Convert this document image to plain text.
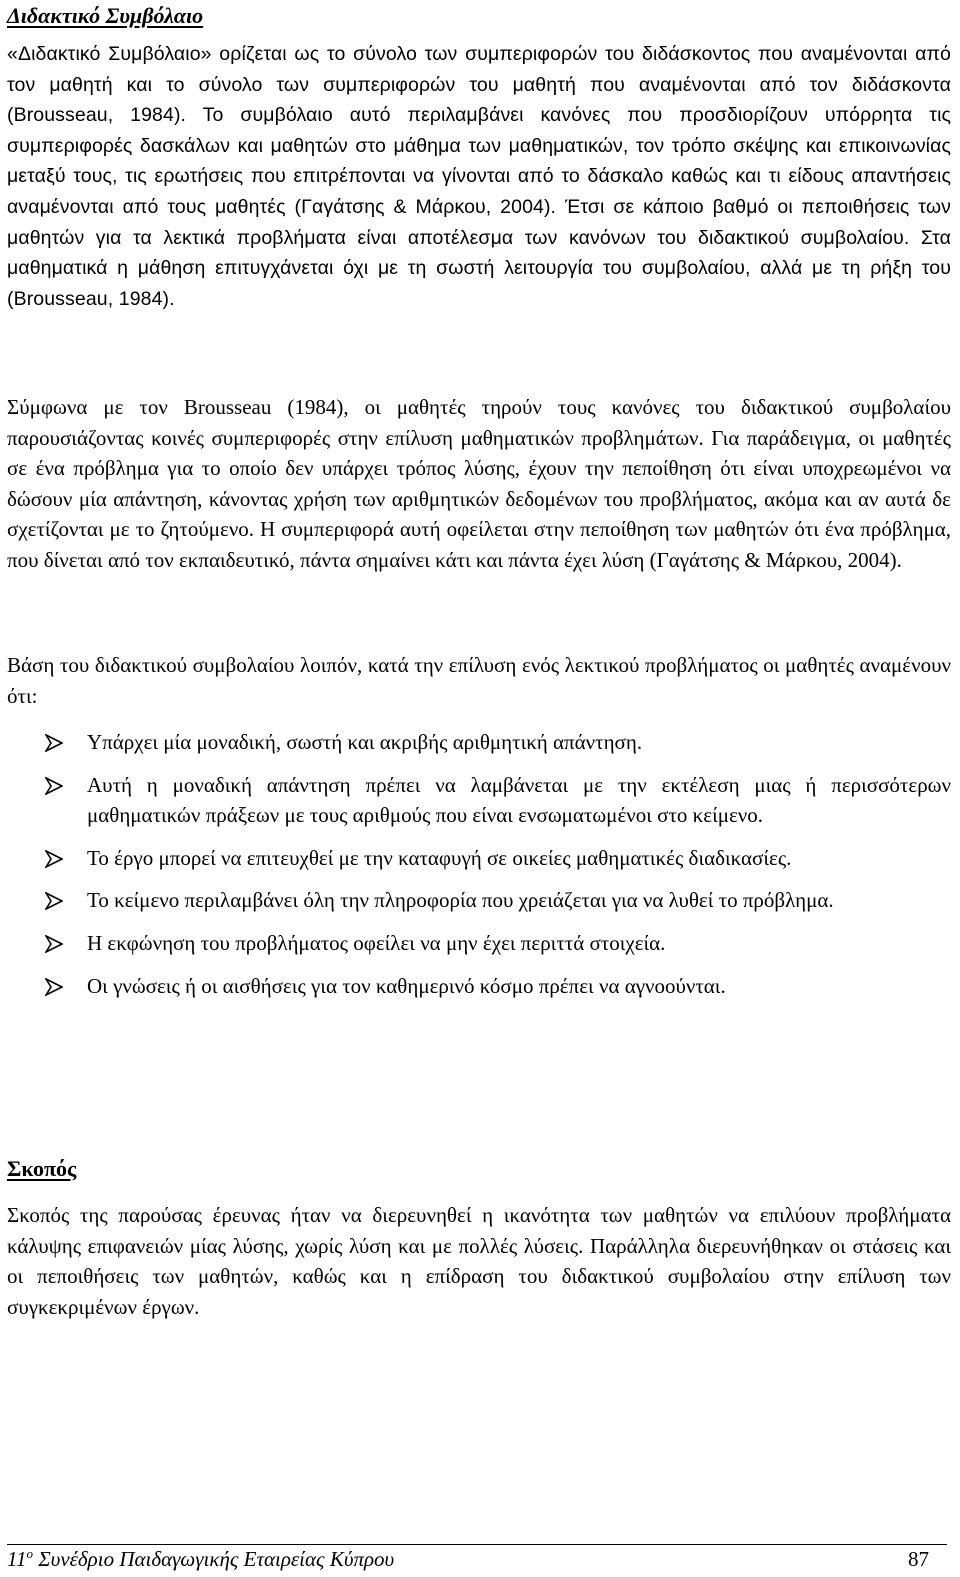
Διδακτικό Συμβόλαιο

«Διδακτικό Συμβόλαιο» ορίζεται ως το σύνολο των συμπεριφορών του διδάσκοντος που αναμένονται από τον μαθητή και το σύνολο των συμπεριφορών του μαθητή που αναμένονται από τον διδάσκοντα (Brousseau, 1984). Το συμβόλαιο αυτό περιλαμβάνει κανόνες που προσδιορίζουν υπόρρητα τις συμπεριφορές δασκάλων και μαθητών στο μάθημα των μαθηματικών, τον τρόπο σκέψης και επικοινωνίας μεταξύ τους, τις ερωτήσεις που επιτρέπονται να γίνονται από το δάσκαλο καθώς και τι είδους απαντήσεις αναμένονται από τους μαθητές (Γαγάτσης & Μάρκου, 2004). Έτσι σε κάποιο βαθμό οι πεποιθήσεις των μαθητών για τα λεκτικά προβλήματα είναι αποτέλεσμα των κανόνων του διδακτικού συμβολαίου. Στα μαθηματικά η μάθηση επιτυγχάνεται όχι με τη σωστή λειτουργία του συμβολαίου, αλλά με τη ρήξη του (Brousseau, 1984).

Σύμφωνα με τον Brousseau (1984), οι μαθητές τηρούν τους κανόνες του διδακτικού συμβολαίου παρουσιάζοντας κοινές συμπεριφορές στην επίλυση μαθηματικών προβλημάτων. Για παράδειγμα, οι μαθητές σε ένα πρόβλημα για το οποίο δεν υπάρχει τρόπος λύσης, έχουν την πεποίθηση ότι είναι υποχρεωμένοι να δώσουν μία απάντηση, κάνοντας χρήση των αριθμητικών δεδομένων του προβλήματος, ακόμα και αν αυτά δε σχετίζονται με το ζητούμενο. Η συμπεριφορά αυτή οφείλεται στην πεποίθηση των μαθητών ότι ένα πρόβλημα, που δίνεται από τον εκπαιδευτικό, πάντα σημαίνει κάτι και πάντα έχει λύση (Γαγάτσης & Μάρκου, 2004).

Βάση του διδακτικού συμβολαίου λοιπόν, κατά την επίλυση ενός λεκτικού προβλήματος οι μαθητές αναμένουν ότι:

Υπάρχει μία μοναδική, σωστή και ακριβής αριθμητική απάντηση.
Αυτή η μοναδική απάντηση πρέπει να λαμβάνεται με την εκτέλεση μιας ή περισσότερων μαθηματικών πράξεων με τους αριθμούς που είναι ενσωματωμένοι στο κείμενο.
Το έργο μπορεί να επιτευχθεί με την καταφυγή σε οικείες μαθηματικές διαδικασίες.
Το κείμενο περιλαμβάνει όλη την πληροφορία που χρειάζεται για να λυθεί το πρόβλημα.
Η εκφώνηση του προβλήματος οφείλει να μην έχει περιττά στοιχεία.
Οι γνώσεις ή οι αισθήσεις για τον καθημερινό κόσμο πρέπει να αγνοούνται.
Σκοπός

Σκοπός της παρούσας έρευνας ήταν να διερευνηθεί η ικανότητα των μαθητών να επιλύουν προβλήματα κάλυψης επιφανειών μίας λύσης, χωρίς λύση και με πολλές λύσεις. Παράλληλα διερευνήθηκαν οι στάσεις και οι πεποιθήσεις των μαθητών, καθώς και η επίδραση του διδακτικού συμβολαίου στην επίλυση των συγκεκριμένων έργων.

$11^o$ Συνέδριο Παιδαγωγικής Εταιρείας Κύπρου	87
